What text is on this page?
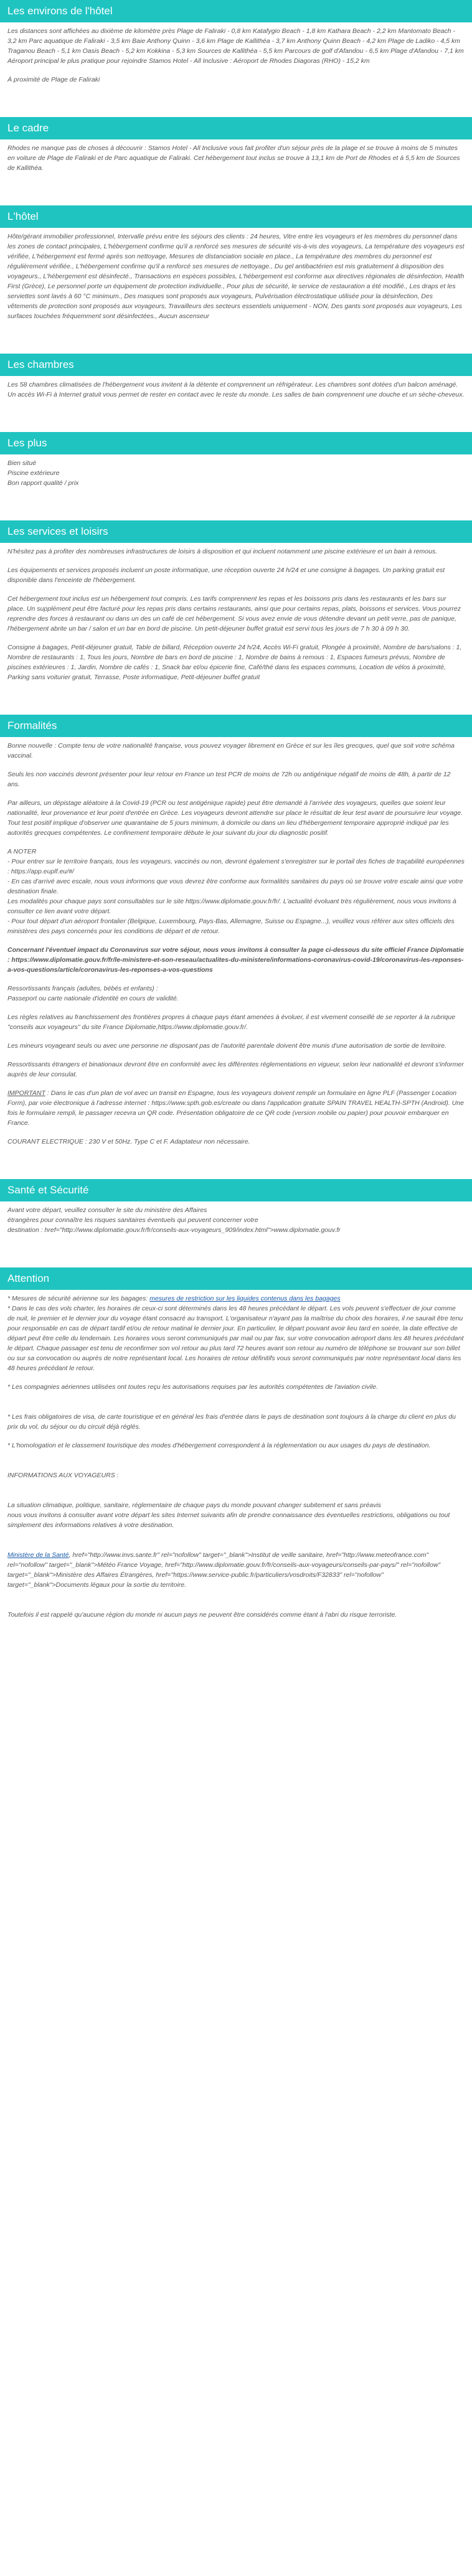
Les environs de l'hôtel

Les distances sont affichées au dixième de kilomètre près Plage de Faliraki - 0,8 km Katafygio Beach - 1,8 km Kathara Beach - 2,2 km Mantomato Beach - 3,2 km Parc aquatique de Faliraki - 3,5 km Baie Anthony Quinn - 3,6 km Plage de Kallithéa - 3,7 km Anthony Quinn Beach - 4,2 km Plage de Ladiko - 4,5 km Traganou Beach - 5,1 km Oasis Beach - 5,2 km Kokkina - 5,3 km Sources de Kallithéa - 5,5 km Parcours de golf d'Afandou - 6,5 km Plage d'Afandou - 7,1 km Aéroport principal le plus pratique pour rejoindre Stamos Hotel - All Inclusive : Aéroport de Rhodes Diagoras (RHO) - 15,2 km

À proximité de Plage de Faliraki

Le cadre

Rhodes ne manque pas de choses à découvrir : Stamos Hotel - All Inclusive vous fait profiter d'un séjour près de la plage et se trouve à moins de 5 minutes en voiture de Plage de Faliraki et de Parc aquatique de Faliraki. Cet hébergement tout inclus se trouve à 13,1 km de Port de Rhodes et à 5,5 km de Sources de Kallithéa.

L'hôtel

Hôte/gérant immobilier professionnel, Intervalle prévu entre les séjours des clients : 24 heures, Vitre entre les voyageurs et les membres du personnel dans les zones de contact principales, L'hébergement confirme qu'il a renforcé ses mesures de sécurité vis-à-vis des voyageurs, La température des voyageurs est vérifiée, L'hébergement est fermé après son nettoyage, Mesures de distanciation sociale en place., La température des membres du personnel est régulièrement vérifiée., L'hébergement confirme qu'il a renforcé ses mesures de nettoyage., Du gel antibactérien est mis gratuitement à disposition des voyageurs., L'hébergement est désinfecté., Transactions en espèces possibles, L'hébergement est conforme aux directives régionales de désinfection, Health First (Grèce), Le personnel porte un équipement de protection individuelle., Pour plus de sécurité, le service de restauration a été modifié., Les draps et les serviettes sont lavés à 60 °C minimum., Des masques sont proposés aux voyageurs, Pulvérisation électrostatique utilisée pour la désinfection, Des vêtements de protection sont proposés aux voyageurs, Travailleurs des secteurs essentiels uniquement - NON, Des gants sont proposés aux voyageurs, Les surfaces touchées fréquemment sont désinfectées., Aucun ascenseur

Les chambres

Les 58 chambres climatisées de l'hébergement vous invitent à la détente et comprennent un réfrigérateur. Les chambres sont dotées d'un balcon aménagé. Un accès Wi-Fi à Internet gratuit vous permet de rester en contact avec le reste du monde. Les salles de bain comprennent une douche et un sèche-cheveux.

Les plus

Bien situé

Piscine extérieure

Bon rapport qualité / prix

Les services et loisirs

N'hésitez pas à profiter des nombreuses infrastructures de loisirs à disposition et qui incluent notamment une piscine extérieure et un bain à remous.

Les équipements et services proposés incluent un poste informatique, une réception ouverte 24 h/24 et une consigne à bagages. Un parking gratuit est disponible dans l'enceinte de l'hébergement.

Cet hébergement tout inclus est un hébergement tout compris. Les tarifs comprennent les repas et les boissons pris dans les restaurants et les bars sur place. Un supplément peut être facturé pour les repas pris dans certains restaurants, ainsi que pour certains repas, plats, boissons et services. Vous pourrez reprendre des forces à restaurant ou dans un des un café de cet hébergement. Si vous avez envie de vous détendre devant un petit verre, pas de panique, l'hébergement abrite un bar / salon et un bar en bord de piscine. Un petit-déjeuner buffet gratuit est servi tous les jours de 7 h 30 à 09 h 30.

Consigne à bagages, Petit-déjeuner gratuit, Table de billard, Réception ouverte 24 h/24, Accès Wi-Fi gratuit, Plongée à proximité, Nombre de bars/salons : 1, Nombre de restaurants : 1, Tous les jours, Nombre de bars en bord de piscine : 1, Nombre de bains à remous : 1, Espaces fumeurs prévus, Nombre de piscines extérieures : 1, Jardin, Nombre de cafés : 1, Snack bar et/ou épicerie fine, Café/thé dans les espaces communs, Location de vélos à proximité, Parking sans voiturier gratuit, Terrasse, Poste informatique, Petit-déjeuner buffet gratuit

Formalités

Bonne nouvelle : Compte tenu de votre nationalité française, vous pouvez voyager librement en Grèce et sur les îles grecques, quel que soit votre schéma vaccinal.

Seuls les non vaccinés devront présenter pour leur retour en France un test PCR de moins de 72h ou antigénique négatif de moins de 48h, à partir de 12 ans.

Par ailleurs, un dépistage aléatoire à la Covid-19 (PCR ou test antigénique rapide) peut être demandé à l'arrivée des voyageurs, quelles que soient leur nationalité, leur provenance et leur point d'entrée en Grèce. Les voyageurs devront attendre sur place le résultat de leur test avant de poursuivre leur voyage. Tout test positif implique d'observer une quarantaine de 5 jours minimum, à domicile ou dans un lieu d'hébergement temporaire approprié indiqué par les autorités grecques compétentes. Le confinement temporaire débute le jour suivant du jour du diagnostic positif.

A NOTER

- Pour entrer sur le territoire français, tous les voyageurs, vaccinés ou non, devront également s'enregistrer sur le portail des fiches de traçabilité européennes : https://app.euplf.eu/#/

- En cas d'arrivé avec escale, nous vous informons que vous devrez être conforme aux formalités sanitaires du pays où se trouve votre escale ainsi que votre destination finale.

Les modalités pour chaque pays sont consultables sur le site https://www.diplomatie.gouv.fr/fr/. L'actualité évoluant très régulièrement, nous vous invitons à consulter ce lien avant votre départ.

- Pour tout départ d'un aéroport frontalier (Belgique, Luxembourg, Pays-Bas, Allemagne, Suisse ou Espagne...), veuillez vous référer aux sites officiels des ministères des pays concernés pour les conditions de départ et de retour.

Concernant l'éventuel impact du Coronavirus sur votre séjour, nous vous invitons à consulter la page ci-dessous du site officiel France Diplomatie : https://www.diplomatie.gouv.fr/fr/le-ministere-et-son-reseau/actualites-du-ministere/informations-coronavirus-covid-19/coronavirus-les-reponses-a-vos-questions/article/coronavirus-les-reponses-a-vos-questions

Ressortissants français (adultes, bébés et enfants) :

Passeport ou carte nationale d'identité en cours de validité.

Les règles relatives au franchissement des frontières propres à chaque pays étant amenées à évoluer, il est vivement conseillé de se reporter à la rubrique "conseils aux voyageurs" du site France Diplomatie,https://www.diplomatie.gouv.fr/.

Les mineurs voyageant seuls ou avec une personne ne disposant pas de l'autorité parentale doivent être munis d'une autorisation de sortie de territoire.

Ressortissants étrangers et binationaux devront être en conformité avec les différentes réglementations en vigueur, selon leur nationalité et devront s'informer auprès de leur consulat.

IMPORTANT : Dans le cas d'un plan de vol avec un transit en Espagne, tous les voyageurs doivent remplir un formulaire en ligne PLF (Passenger Location Form), par voie électronique à l'adresse internet : https://www.spth.gob.es/create ou dans l'application gratuite SPAIN TRAVEL HEALTH-SPTH (Android). Une fois le formulaire rempli, le passager recevra un QR code. Présentation obligatoire de ce QR code (version mobile ou papier) pour pouvoir embarquer en France.

COURANT ELECTRIQUE : 230 V et 50Hz. Type C et F. Adaptateur non nécessaire.

Santé et Sécurité

Avant votre départ, veuillez consulter le site du ministère des Affaires

étrangères pour connaître les risques sanitaires éventuels qui peuvent concerner votre

destination : href="http://www.diplomatie.gouv.fr/fr/conseils-aux-voyageurs_909/index.html">www.diplomatie.gouv.fr

Attention

* Mesures de sécurité aérienne sur les bagages: mesures de restriction sur les liquides contenus dans les bagages

* Dans le cas des vols charter, les horaires de ceux-ci sont déterminés dans les 48 heures précédant le départ. Les vols peuvent s'effectuer de jour comme de nuit, le premier et le dernier jour du voyage étant consacré au transport. L'organisateur n'ayant pas la maîtrise du choix des horaires, il ne saurait être tenu pour responsable en cas de départ tardif et/ou de retour matinal le dernier jour. En particulier, le départ pouvant avoir lieu tard en soirée, la date effective de départ peut être celle du lendemain. Les horaires vous seront communiqués par mail ou par fax, sur votre convocation aéroport dans les 48 heures précédant le départ. Chaque passager est tenu de reconfirmer son vol retour au plus tard 72 heures avant son retour au numéro de téléphone se trouvant sur son billet ou sur sa convocation ou auprès de notre représentant local. Les horaires de retour définitifs vous seront communiqués par notre représentant local dans les 48 heures précédant le retour.

* Les compagnies aériennes utilisées ont toutes reçu les autorisations requises par les autorités compétentes de l'aviation civile.

* Les frais obligatoires de visa, de carte touristique et en général les frais d'entrée dans le pays de destination sont toujours à la charge du client en plus du prix du vol, du séjour ou du circuit déjà réglés.

* L'homologation et le classement touristique des modes d'hébergement correspondent à la réglementation ou aux usages du pays de destination.

INFORMATIONS AUX VOYAGEURS :

La situation climatique, politique, sanitaire, réglementaire de chaque pays du monde pouvant changer subitement et sans préavis

nous vous invitons à consulter avant votre départ les sites Internet suivants afin de prendre connaissance des éventuelles restrictions, obligations ou tout simplement des informations relatives à votre destination.

Ministère de la Santé, href="http://www.invs.sante.fr" rel="nofollow" target="_blank">Institut de veille sanitaire, href="http://www.meteofrance.com" rel="nofollow" target="_blank">Météo France Voyage, href="http://www.diplomatie.gouv.fr/fr/conseils-aux-voyageurs/conseils-par-pays/" rel="nofollow" target="_blank">Ministère des Affaires Étrangères, href="https://www.service-public.fr/particuliers/vosdroits/F32833" rel="nofollow" target="_blank">Documents légaux pour la sortie du territoire.

Toutefois il est rappelé qu'aucune région du monde ni aucun pays ne peuvent être considérés comme étant à l'abri du risque terroriste.
